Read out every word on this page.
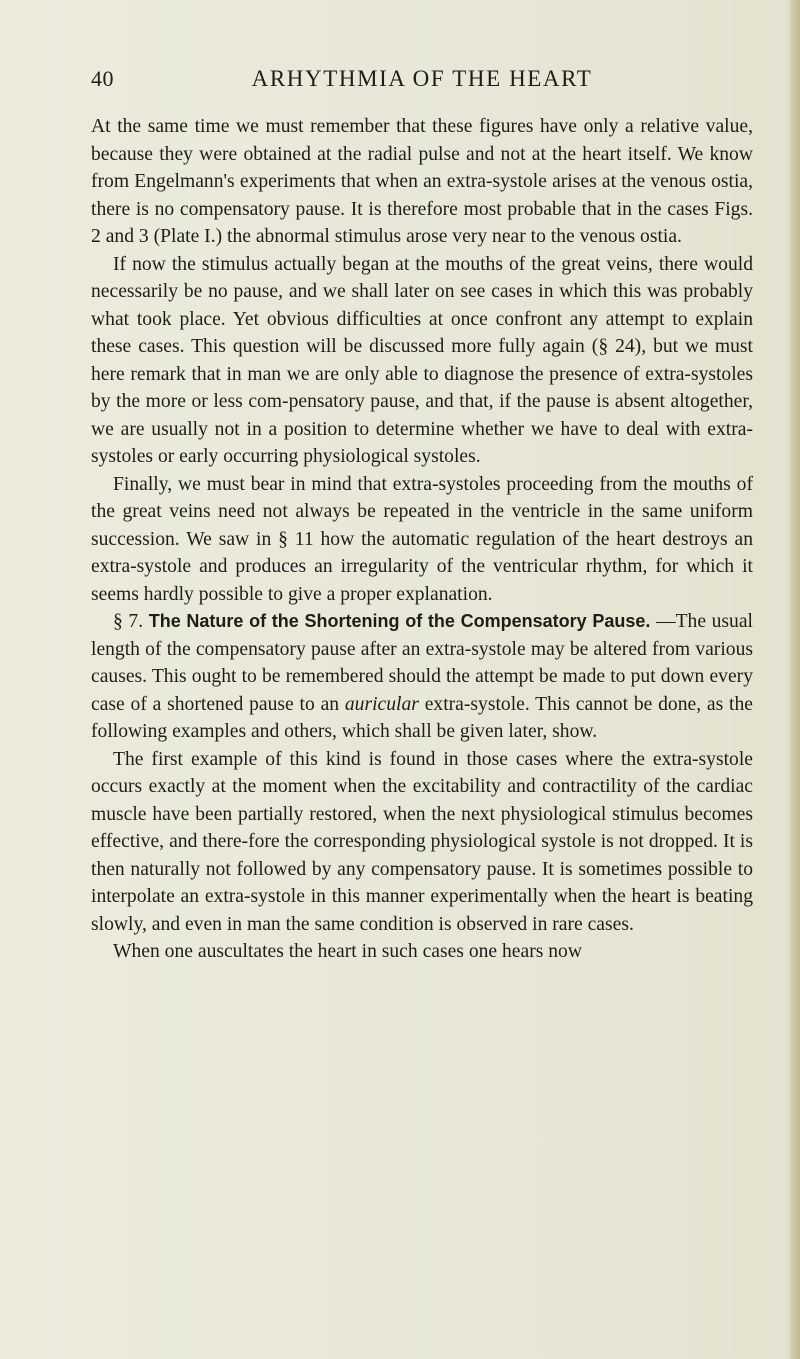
40	ARHYTHMIA OF THE HEART

At the same time we must remember that these figures have only a relative value, because they were obtained at the radial pulse and not at the heart itself. We know from Engelmann's experiments that when an extra-systole arises at the venous ostia, there is no compensatory pause. It is therefore most probable that in the cases Figs. 2 and 3 (Plate I.) the abnormal stimulus arose very near to the venous ostia.

If now the stimulus actually began at the mouths of the great veins, there would necessarily be no pause, and we shall later on see cases in which this was probably what took place. Yet obvious difficulties at once confront any attempt to explain these cases. This question will be discussed more fully again (§ 24), but we must here remark that in man we are only able to diagnose the presence of extra-systoles by the more or less com-pensatory pause, and that, if the pause is absent altogether, we are usually not in a position to determine whether we have to deal with extra-systoles or early occurring physiological systoles.

Finally, we must bear in mind that extra-systoles proceeding from the mouths of the great veins need not always be repeated in the ventricle in the same uniform succession. We saw in § 11 how the automatic regulation of the heart destroys an extra-systole and produces an irregularity of the ventricular rhythm, for which it seems hardly possible to give a proper explanation.

§ 7. The Nature of the Shortening of the Compensatory Pause. —The usual length of the compensatory pause after an extra-systole may be altered from various causes. This ought to be remembered should the attempt be made to put down every case of a shortened pause to an auricular extra-systole. This cannot be done, as the following examples and others, which shall be given later, show.

The first example of this kind is found in those cases where the extra-systole occurs exactly at the moment when the excitability and contractility of the cardiac muscle have been partially restored, when the next physiological stimulus becomes effective, and there-fore the corresponding physiological systole is not dropped. It is then naturally not followed by any compensatory pause. It is sometimes possible to interpolate an extra-systole in this manner experimentally when the heart is beating slowly, and even in man the same condition is observed in rare cases.

When one auscultates the heart in such cases one hears now
